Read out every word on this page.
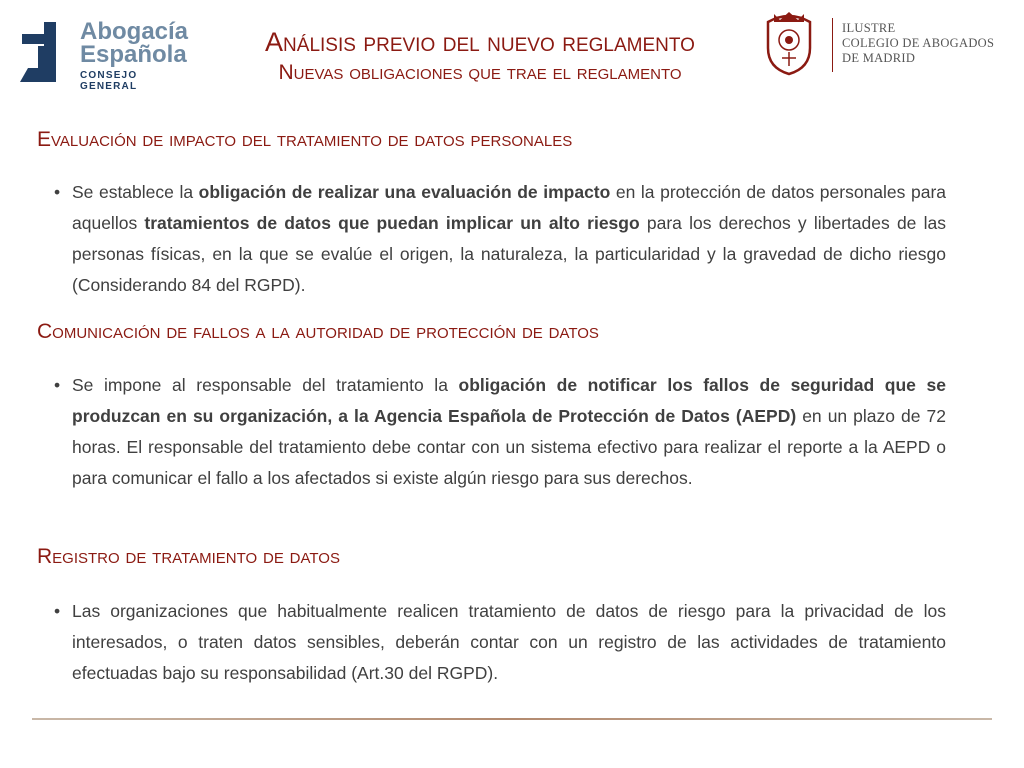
Abogacía
Española
CONSEJO GENERAL
Análisis previo del nuevo reglamento
Nuevas obligaciones que trae el reglamento
ILUSTRE
COLEGIO DE ABOGADOS
DE MADRID
Evaluación de impacto del tratamiento de datos personales
• Se establece la obligación de realizar una evaluación de impacto en la protección de datos personales para aquellos tratamientos de datos que puedan implicar un alto riesgo para los derechos y libertades de las personas físicas, en la que se evalúe el origen, la naturaleza, la particularidad y la gravedad de dicho riesgo (Considerando 84 del RGPD).
Comunicación de fallos a la autoridad de protección de datos
• Se impone al responsable del tratamiento la obligación de notificar los fallos de seguridad que se produzcan en su organización, a la Agencia Española de Protección de Datos (AEPD) en un plazo de 72 horas. El responsable del tratamiento debe contar con un sistema efectivo para realizar el reporte a la AEPD o para comunicar el fallo a los afectados si existe algún riesgo para sus derechos.
Registro de tratamiento de datos
• Las organizaciones que habitualmente realicen tratamiento de datos de riesgo para la privacidad de los interesados, o traten datos sensibles, deberán contar con un registro de las actividades de tratamiento efectuadas bajo su responsabilidad (Art.30 del RGPD).
